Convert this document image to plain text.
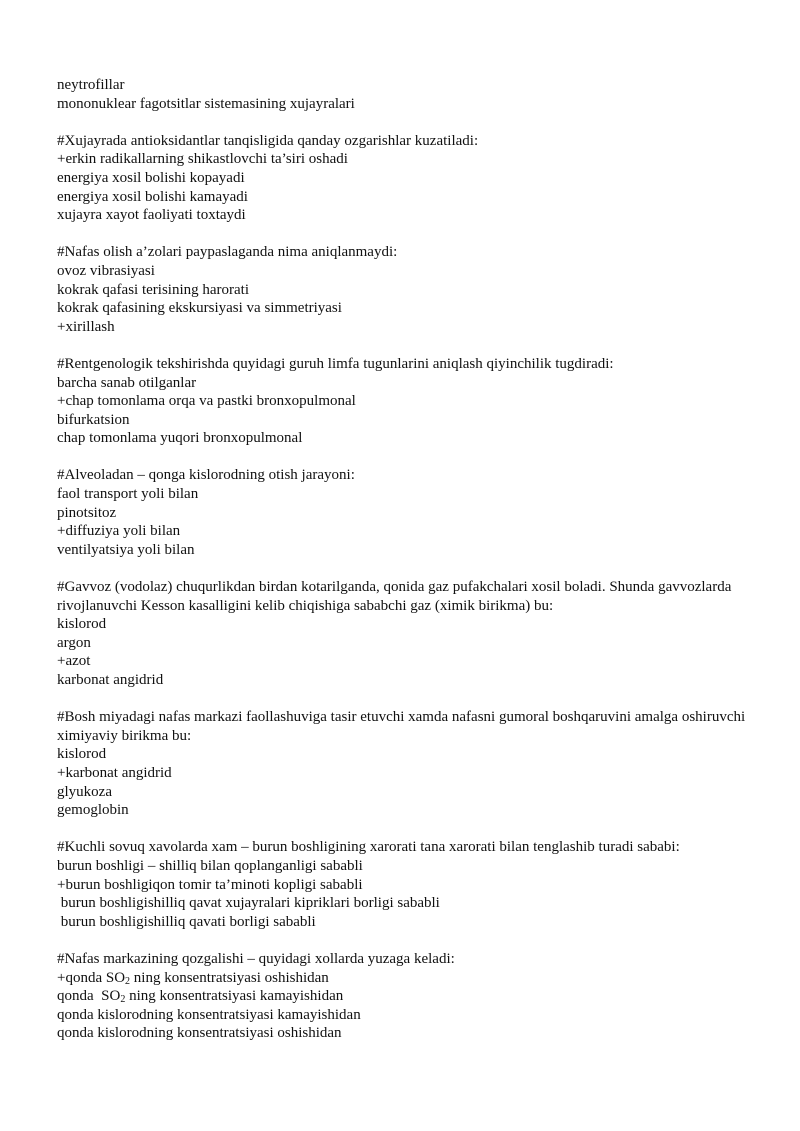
neytrofillar
mononuklear fagotsitlar sistemasining xujayralari
#Xujayrada antioksidantlar tanqisligida qanday ozgarishlar kuzatiladi:
+erkin radikallarning shikastlovchi ta’siri oshadi
energiya xosil bolishi kopayadi
energiya xosil bolishi kamayadi
xujayra xayot faoliyati toxtaydi
#Nafas olish a’zolari paypaslaganda nima aniqlanmaydi:
ovoz vibrasiyasi
kokrak qafasi terisining harorati
kokrak qafasining ekskursiyasi va simmetriyasi
+xirillash
#Rentgenologik tekshirishda quyidagi guruh limfa tugunlarini aniqlash qiyinchilik tugdiradi:
barcha sanab otilganlar
+chap tomonlama orqa va pastki bronxopulmonal
bifurkatsion
chap tomonlama yuqori bronxopulmonal
#Alveoladan – qonga kislorodning otish jarayoni:
faol transport yoli bilan
pinotsitoz
+diffuziya yoli bilan
ventilyatsiya yoli bilan
#Gavvoz (vodolaz) chuqurlikdan birdan kotarilganda, qonida gaz pufakchalari xosil boladi. Shunda gavvozlarda rivojlanuvchi Kesson kasalligini kelib chiqishiga sababchi gaz (ximik birikma) bu:
kislorod
argon
+azot
karbonat angidrid
#Bosh miyadagi nafas markazi faollashuviga tasir etuvchi xamda nafasni gumoral boshqaruvini amalga oshiruvchi ximiyaviy birikma bu:
kislorod
+karbonat angidrid
glyukoza
gemoglobin
#Kuchli sovuq xavolarda xam – burun boshligining xarorati tana xarorati bilan tenglashib turadi sababi:
burun boshligi – shilliq bilan qoplanganligi sababli
+burun boshligiqon tomir ta’minoti kopligi sababli
burun boshligishilliq qavat xujayralari kipriklari borligi sababli
burun boshligishilliq qavati borligi sababli
#Nafas markazining qozgalishi – quyidagi xollarda yuzaga keladi:
+qonda $SO_2$ ning konsentratsiyasi oshishidan
qonda  $SO_2$ ning konsentratsiyasi kamayishidan
qonda kislorodning konsentratsiyasi kamayishidan
qonda kislorodning konsentratsiyasi oshishidan
